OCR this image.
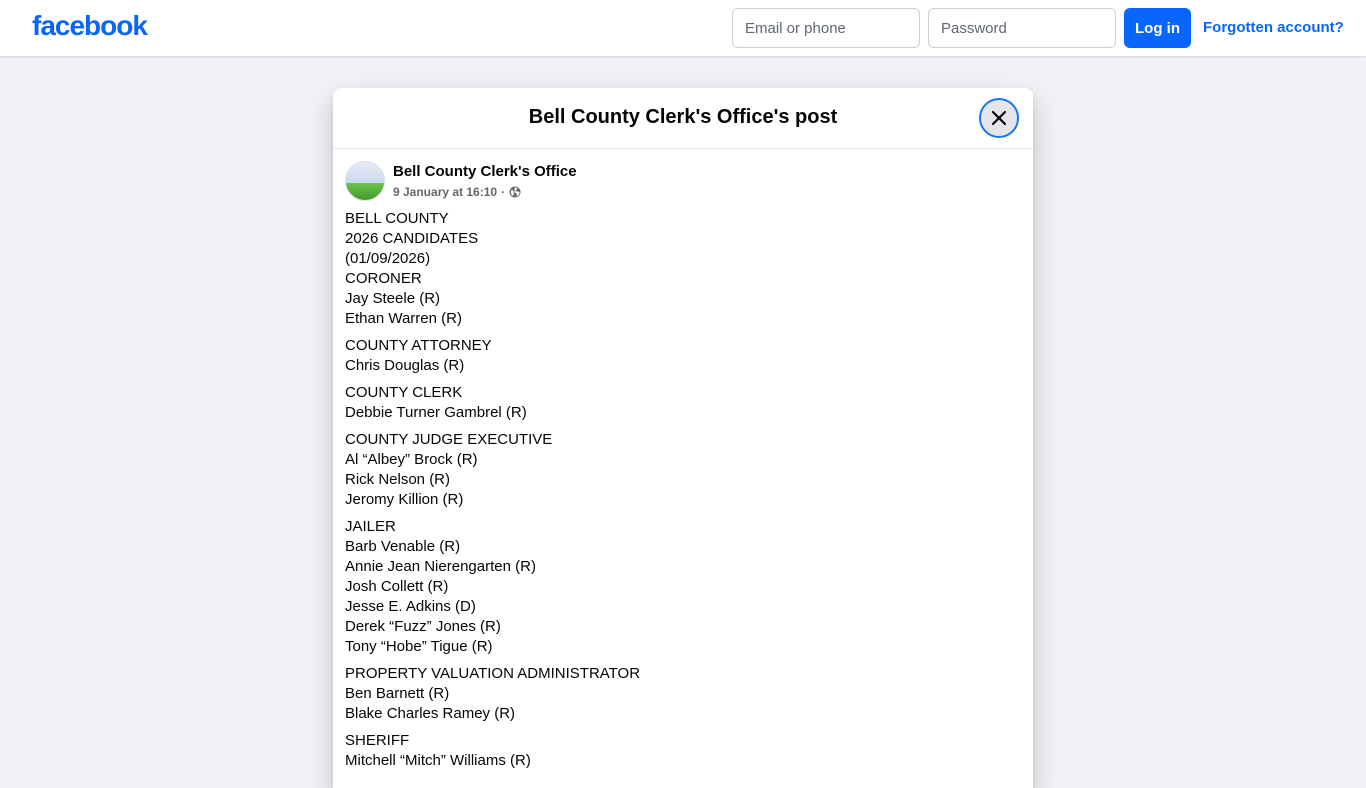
facebook
Email or phone	Log in	Forgotten account?
Bell County Clerk's Office's post
Bell County Clerk's Office
9 January at 16:10 ·
BELL COUNTY
2026 CANDIDATES
(01/09/2026)
CORONER
Jay Steele (R)
Ethan Warren (R)
COUNTY ATTORNEY
Chris Douglas (R)
COUNTY CLERK
Debbie Turner Gambrel (R)
COUNTY JUDGE EXECUTIVE
Al “Albey” Brock (R)
Rick Nelson (R)
Jeromy Killion (R)
JAILER
Barb Venable (R)
Annie Jean Nierengarten (R)
Josh Collett (R)
Jesse E. Adkins (D)
Derek “Fuzz” Jones (R)
Tony “Hobe” Tigue (R)
PROPERTY VALUATION ADMINISTRATOR
Ben Barnett (R)
Blake Charles Ramey (R)
SHERIFF
Mitchell “Mitch” Williams (R)
